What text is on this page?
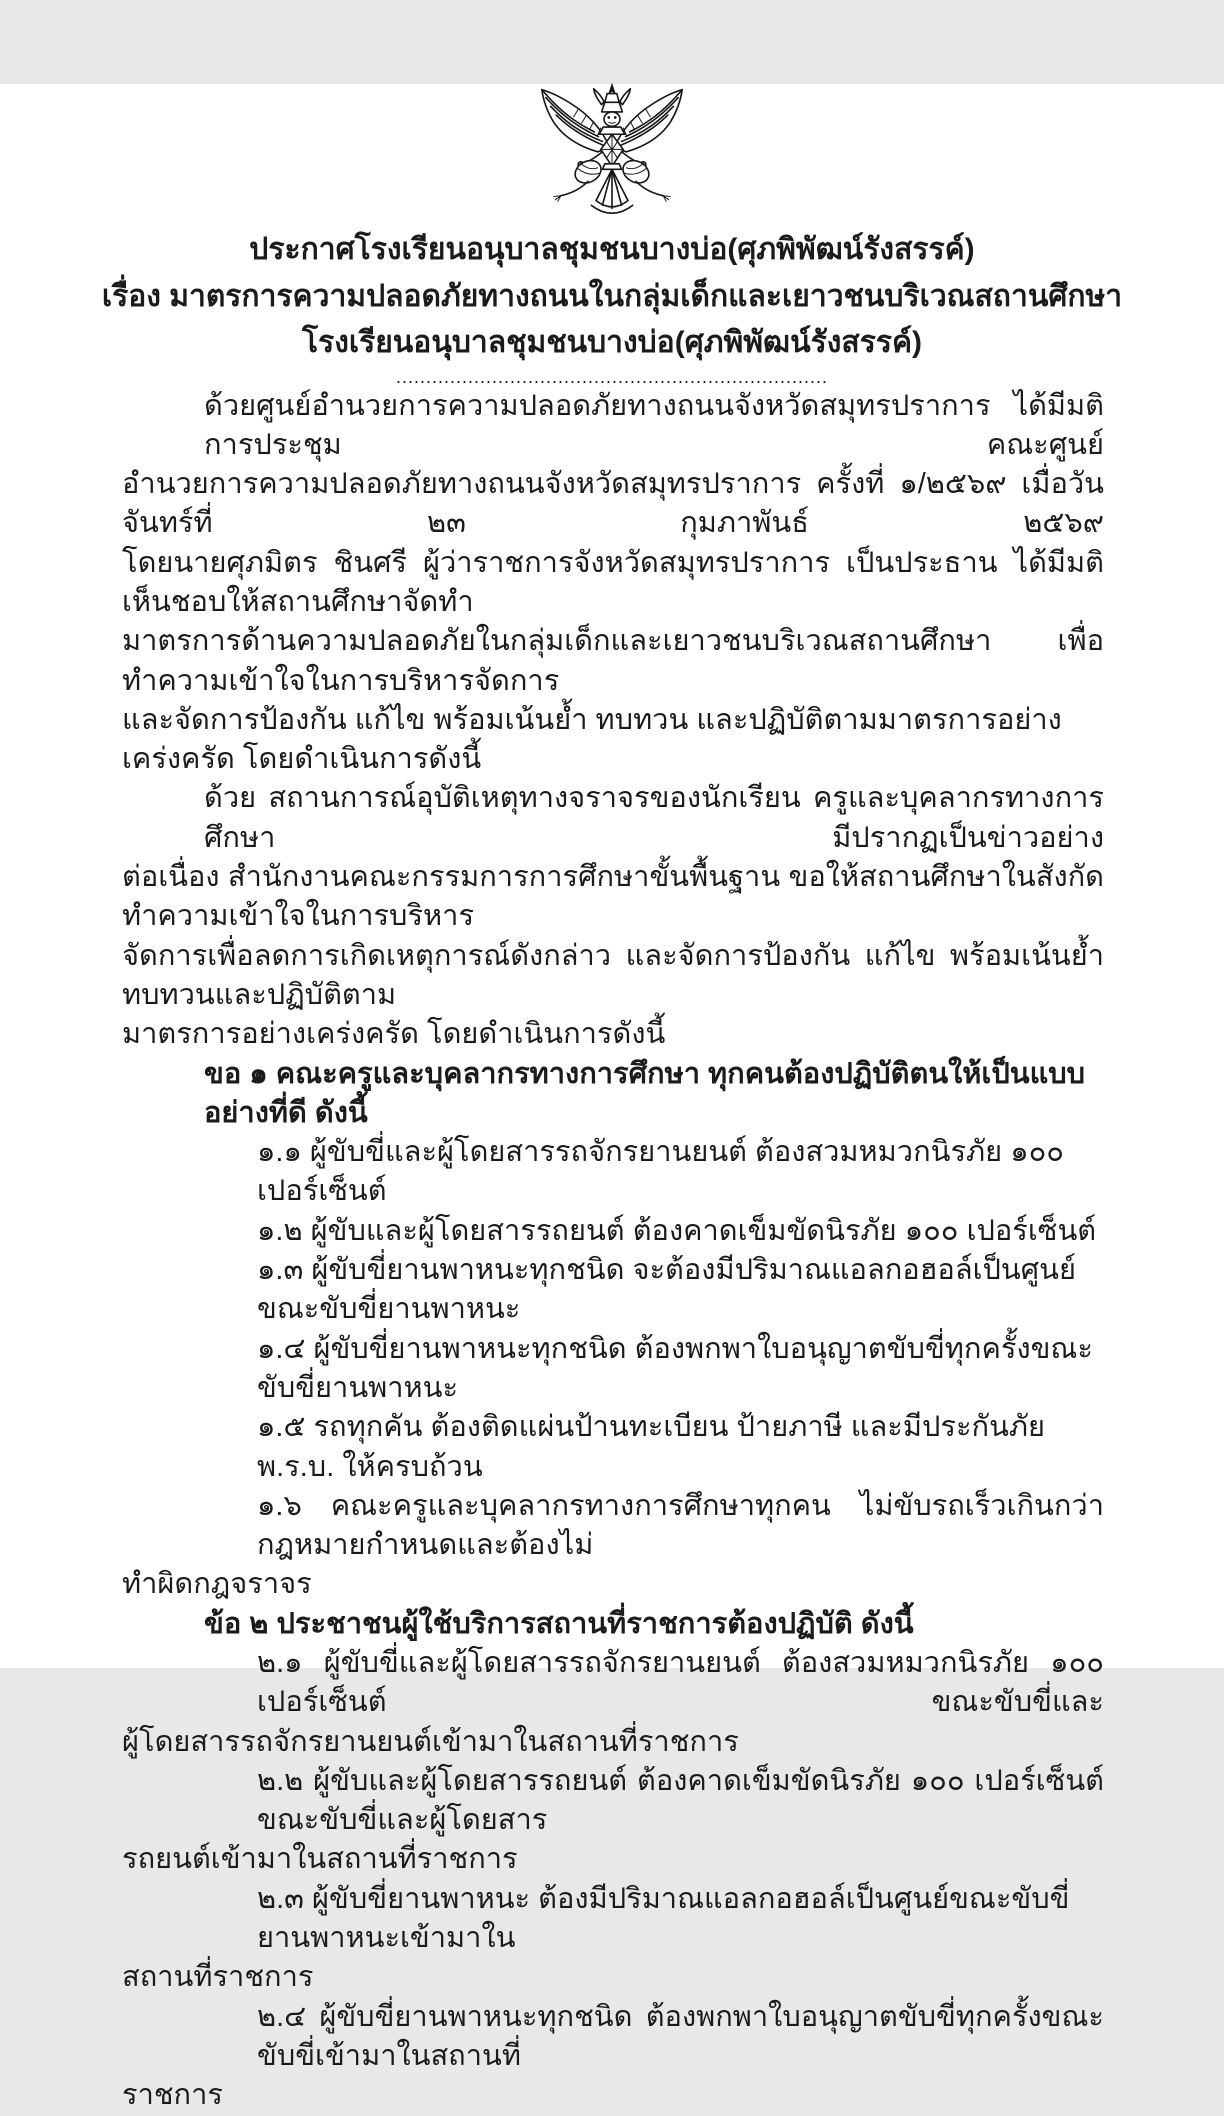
ประกาศโรงเรียนอนุบาลชุมชนบางบ่อ(ศุภพิพัฒน์รังสรรค์)
เรื่อง มาตรการความปลอดภัยทางถนนในกลุ่มเด็กและเยาวชนบริเวณสถานศึกษา
โรงเรียนอนุบาลชุมชนบางบ่อ(ศุภพิพัฒน์รังสรรค์)
........................................................................
ด้วยศูนย์อำนวยการความปลอดภัยทางถนนจังหวัดสมุทรปราการ ได้มีมติการประชุม คณะศูนย์
อำนวยการความปลอดภัยทางถนนจังหวัดสมุทรปราการ ครั้งที่ ๑/๒๕๖๙ เมื่อวันจันทร์ที่ ๒๓ กุมภาพันธ์ ๒๕๖๙
โดยนายศุภมิตร ชินศรี ผู้ว่าราชการจังหวัดสมุทรปราการ เป็นประธาน ได้มีมติเห็นชอบให้สถานศึกษาจัดทำ
มาตรการด้านความปลอดภัยในกลุ่มเด็กและเยาวชนบริเวณสถานศึกษา เพื่อทำความเข้าใจในการบริหารจัดการ
และจัดการป้องกัน แก้ไข พร้อมเน้นย้ำ ทบทวน และปฏิบัติตามมาตรการอย่างเคร่งครัด โดยดำเนินการดังนี้
ด้วย สถานการณ์อุบัติเหตุทางจราจรของนักเรียน ครูและบุคลากรทางการศึกษา มีปรากฏเป็นข่าวอย่าง
ต่อเนื่อง สำนักงานคณะกรรมการการศึกษาขั้นพื้นฐาน ขอให้สถานศึกษาในสังกัดทำความเข้าใจในการบริหาร
จัดการเพื่อลดการเกิดเหตุการณ์ดังกล่าว และจัดการป้องกัน แก้ไข พร้อมเน้นย้ำ ทบทวนและปฏิบัติตาม
มาตรการอย่างเคร่งครัด โดยดำเนินการดังนี้
ขอ ๑ คณะครูและบุคลากรทางการศึกษา ทุกคนต้องปฏิบัติตนให้เป็นแบบอย่างที่ดี ดังนี้
๑.๑ ผู้ขับขี่และผู้โดยสารรถจักรยานยนต์ ต้องสวมหมวกนิรภัย ๑๐๐ เปอร์เซ็นต์
๑.๒ ผู้ขับและผู้โดยสารรถยนต์ ต้องคาดเข็มขัดนิรภัย ๑๐๐ เปอร์เซ็นต์
๑.๓ ผู้ขับขี่ยานพาหนะทุกชนิด จะต้องมีปริมาณแอลกอฮอล์เป็นศูนย์ขณะขับขี่ยานพาหนะ
๑.๔ ผู้ขับขี่ยานพาหนะทุกชนิด ต้องพกพาใบอนุญาตขับขี่ทุกครั้งขณะขับขี่ยานพาหนะ
๑.๕ รถทุกคัน ต้องติดแผ่นป้านทะเบียน ป้ายภาษี และมีประกันภัย พ.ร.บ. ให้ครบถ้วน
๑.๖ คณะครูและบุคลากรทางการศึกษาทุกคน ไม่ขับรถเร็วเกินกว่ากฎหมายกำหนดและต้องไม่
ทำผิดกฎจราจร
ข้อ ๒ ประชาชนผู้ใช้บริการสถานที่ราชการต้องปฏิบัติ ดังนี้
๒.๑ ผู้ขับขี่และผู้โดยสารรถจักรยานยนต์ ต้องสวมหมวกนิรภัย ๑๐๐ เปอร์เซ็นต์ ขณะขับขี่และ
ผู้โดยสารรถจักรยานยนต์เข้ามาในสถานที่ราชการ
๒.๒ ผู้ขับและผู้โดยสารรถยนต์ ต้องคาดเข็มขัดนิรภัย ๑๐๐ เปอร์เซ็นต์ ขณะขับขี่และผู้โดยสาร
รถยนต์เข้ามาในสถานที่ราชการ
๒.๓ ผู้ขับขี่ยานพาหนะ ต้องมีปริมาณแอลกอฮอล์เป็นศูนย์ขณะขับขี่ยานพาหนะเข้ามาใน
สถานที่ราชการ
๒.๔ ผู้ขับขี่ยานพาหนะทุกชนิด ต้องพกพาใบอนุญาตขับขี่ทุกครั้งขณะขับขี่เข้ามาในสถานที่
ราชการ
